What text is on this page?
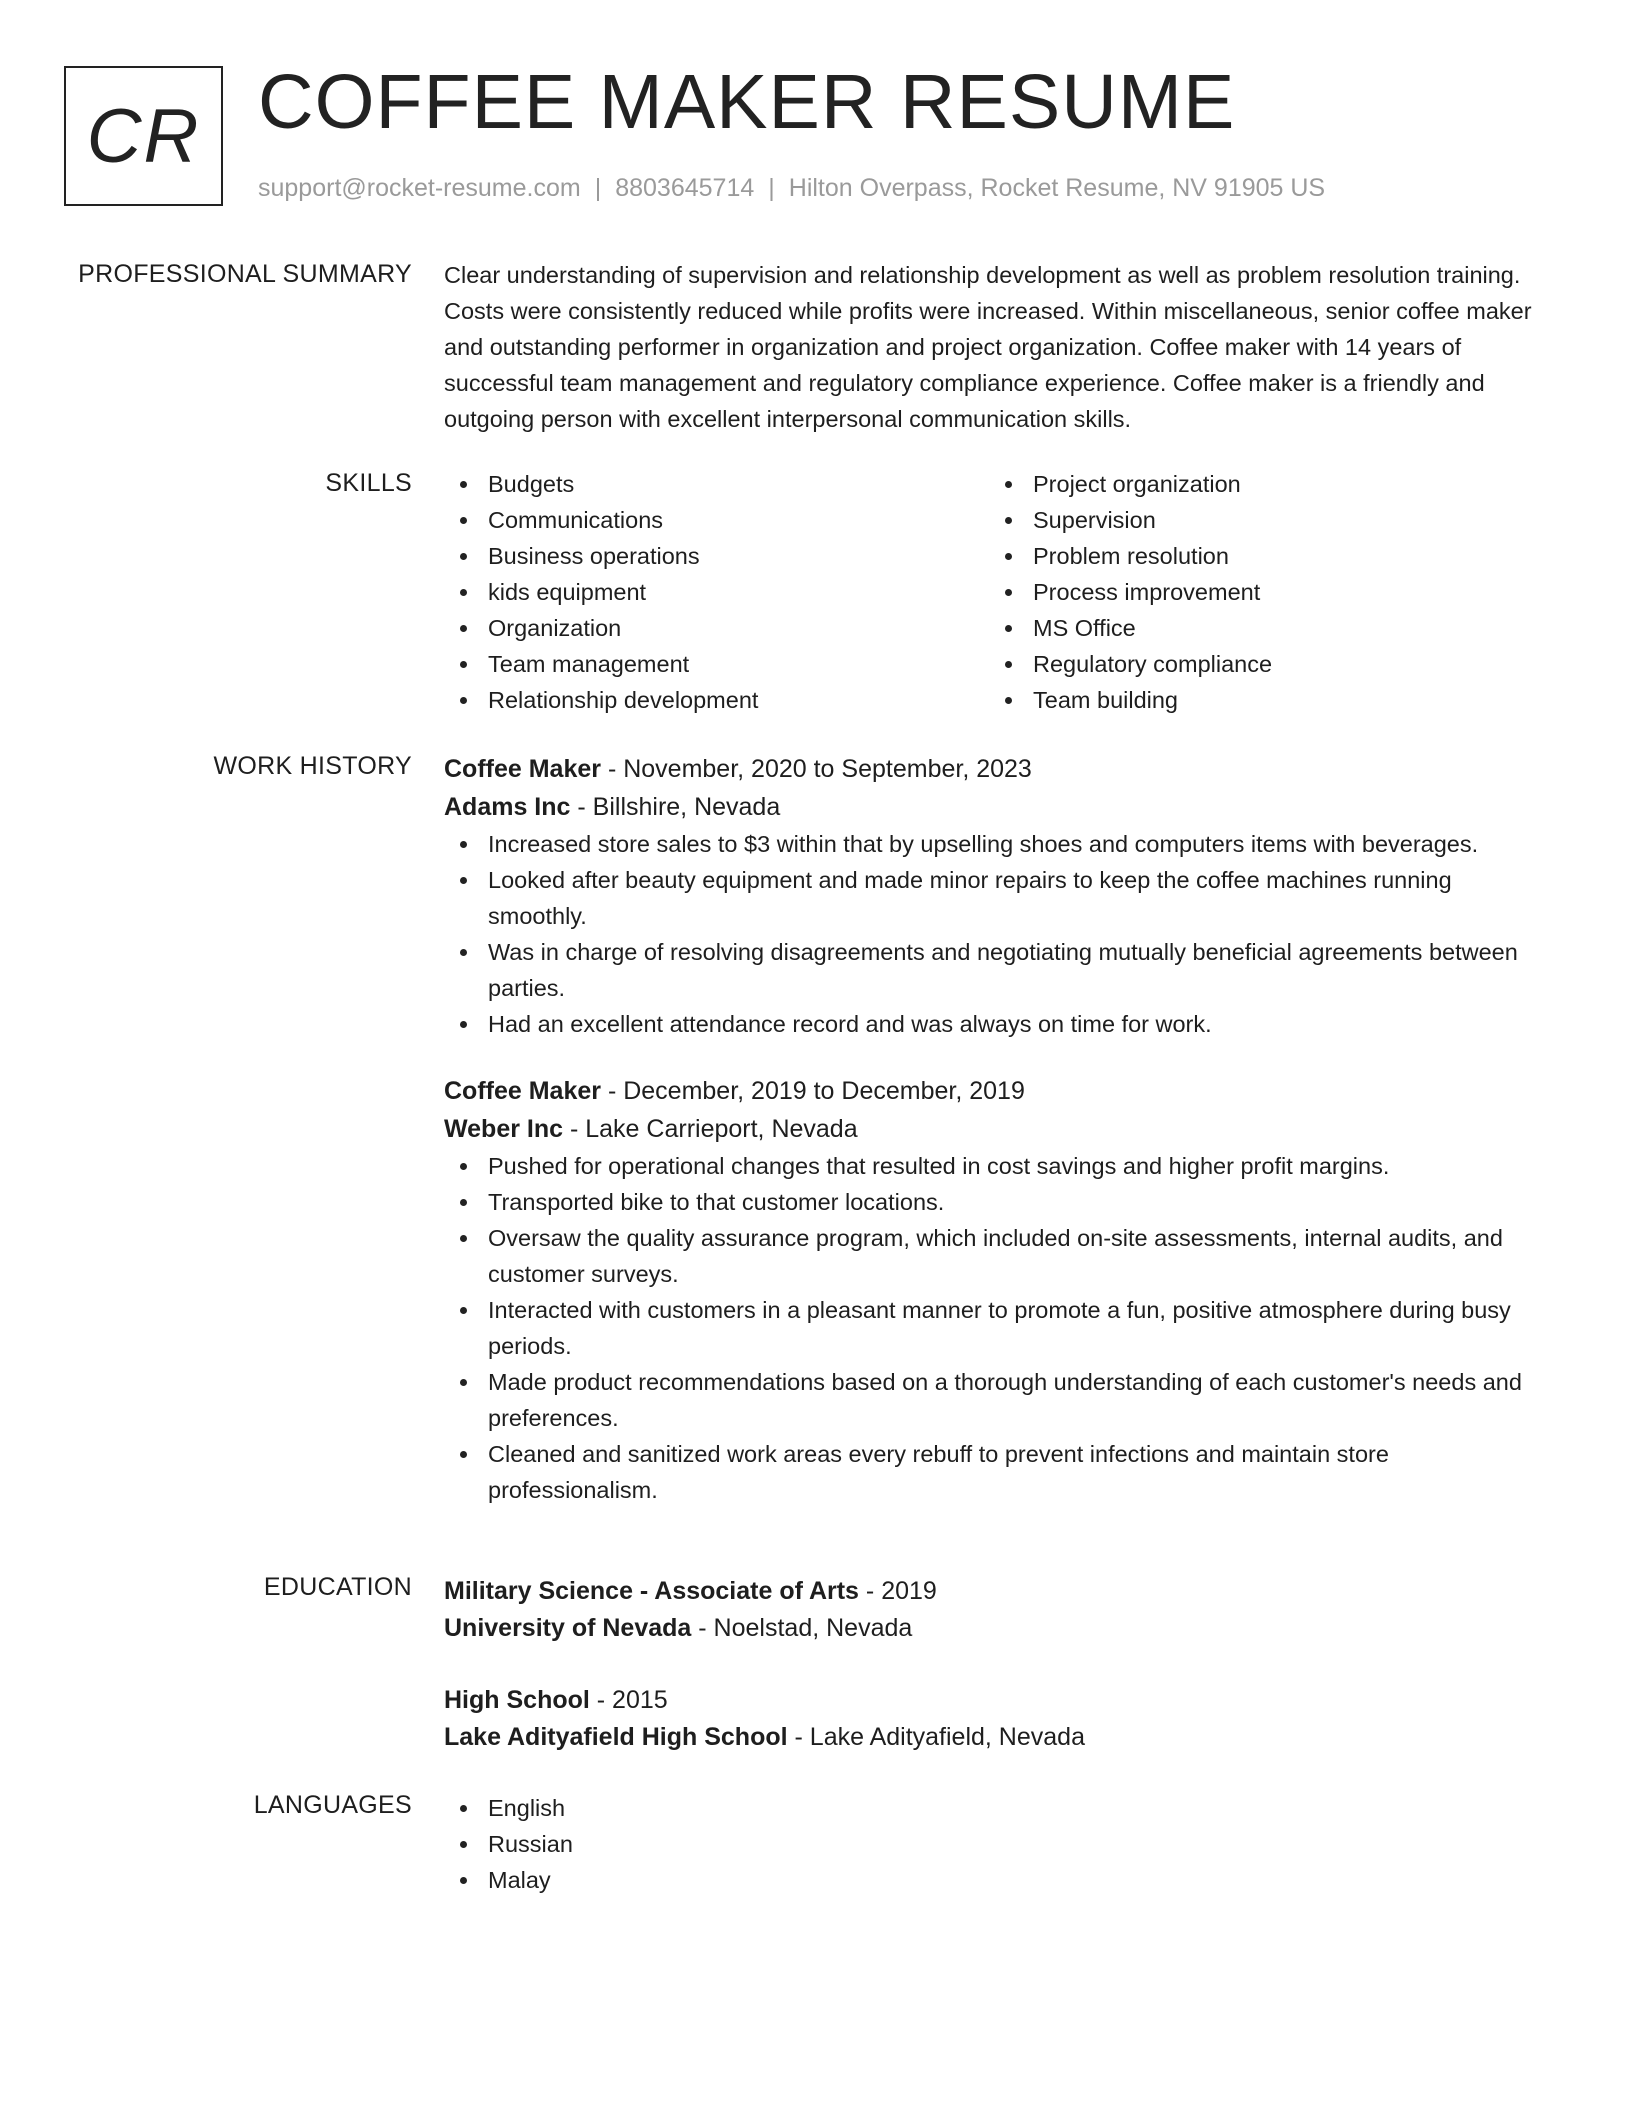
CR COFFEE MAKER RESUME
support@rocket-resume.com | 8803645714 | Hilton Overpass, Rocket Resume, NV 91905 US
PROFESSIONAL SUMMARY Clear understanding of supervision and relationship development as well as problem resolution training. Costs were consistently reduced while profits were increased. Within miscellaneous, senior coffee maker and outstanding performer in organization and project organization. Coffee maker with 14 years of successful team management and regulatory compliance experience. Coffee maker is a friendly and outgoing person with excellent interpersonal communication skills.

SKILLS	Budgets
Communications
Business operations
kids equipment
Organization
Team management
Relationship development
Project organization
Supervision
Problem resolution
Process improvement
MS Office
Regulatory compliance
Team building
WORK HISTORY Coffee Maker - November, 2020 to September, 2023
Adams Inc - Billshire, Nevada
Increased store sales to $3 within that by upselling shoes and computers items with beverages.
Looked after beauty equipment and made minor repairs to keep the coffee machines running smoothly.
Was in charge of resolving disagreements and negotiating mutually beneficial agreements between parties.
Had an excellent attendance record and was always on time for work.
Coffee Maker - December, 2019 to December, 2019
Weber Inc - Lake Carrieport, Nevada
Pushed for operational changes that resulted in cost savings and higher profit margins.
Transported bike to that customer locations.
Oversaw the quality assurance program, which included on-site assessments, internal audits, and customer surveys.
Interacted with customers in a pleasant manner to promote a fun, positive atmosphere during busy periods.
Made product recommendations based on a thorough understanding of each customer's needs and preferences.
Cleaned and sanitized work areas every rebuff to prevent infections and maintain store professionalism.
EDUCATION Military Science - Associate of Arts - 2019
University of Nevada - Noelstad, Nevada
High School - 2015
Lake Adityafield High School - Lake Adityafield, Nevada
LANGUAGES	English
Russian
Malay
